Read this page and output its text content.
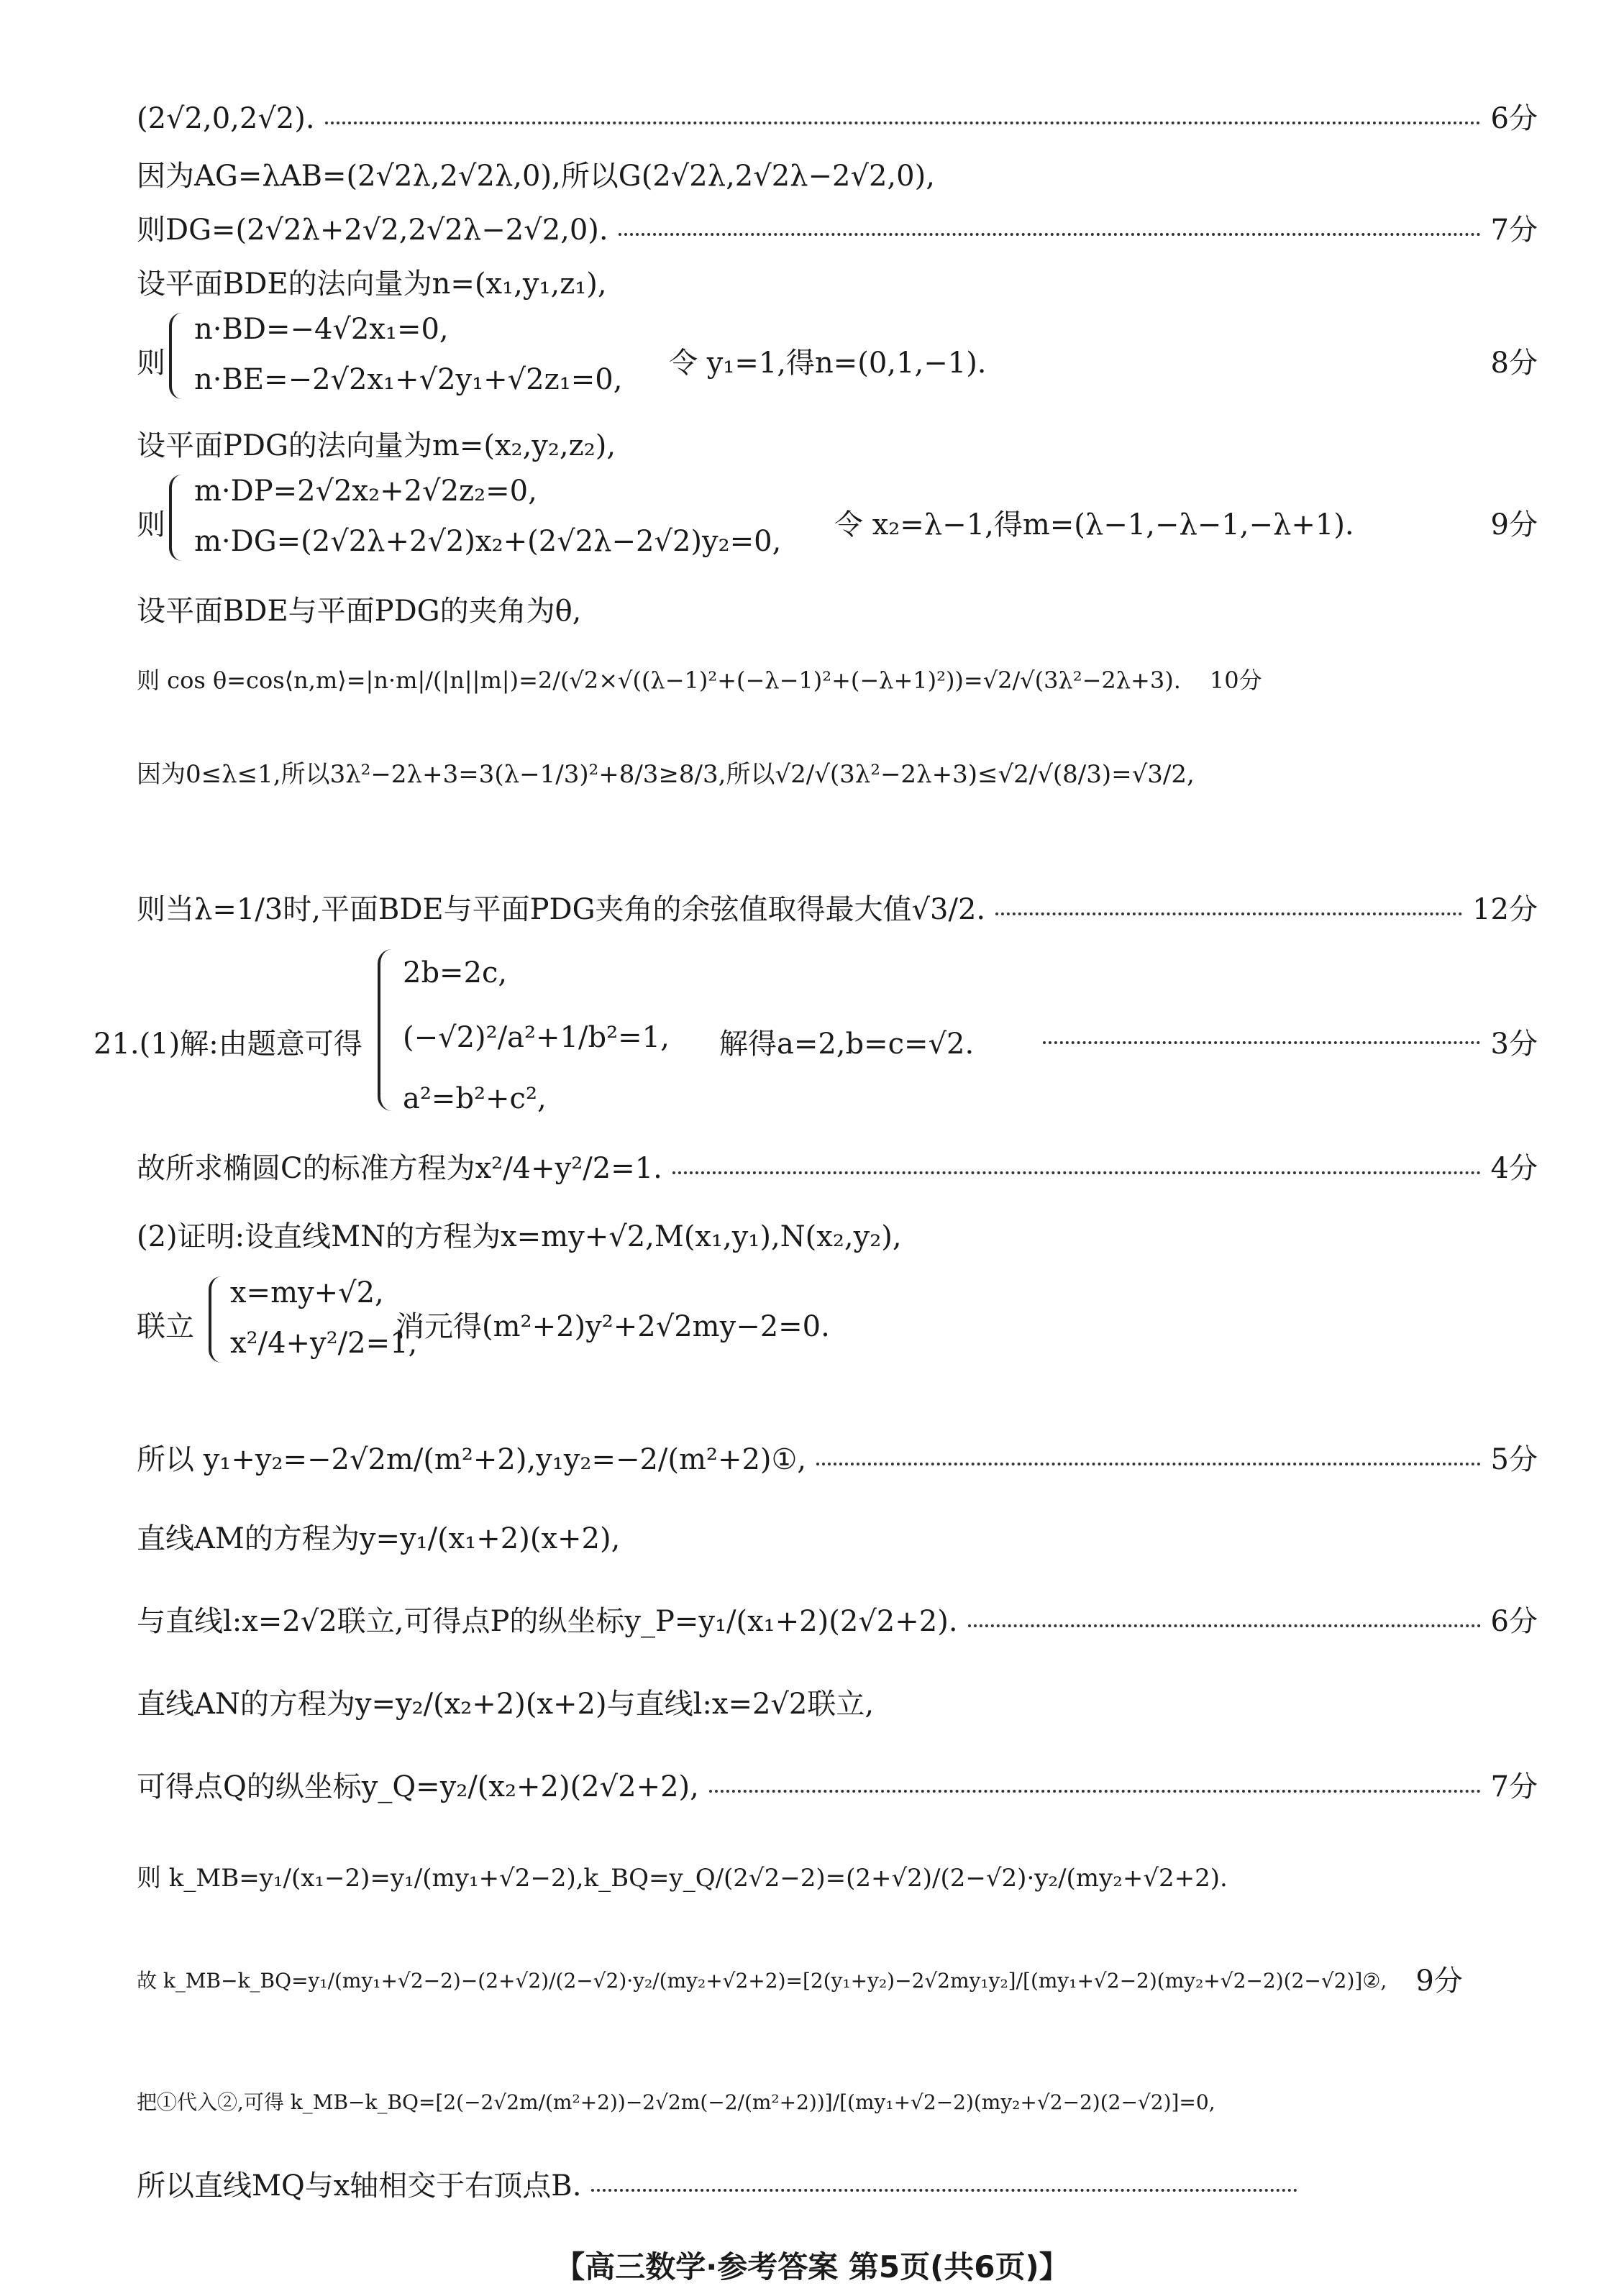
(2√2,0,2√2).	6分
因为AG=λAB=(2√2λ,2√2λ,0),所以G(2√2λ,2√2λ−2√2,0),
则DG=(2√2λ+2√2,2√2λ−2√2,0).	7分
设平面BDE的法向量为n=(x₁,y₁,z₁),
则
n·BD=−4√2x₁=0,
n·BE=−2√2x₁+√2y₁+√2z₁=0, 令 y₁=1,得n=(0,1,−1).	8分
设平面PDG的法向量为m=(x₂,y₂,z₂),
则
m·DP=2√2x₂+2√2z₂=0,
m·DG=(2√2λ+2√2)x₂+(2√2λ−2√2)y₂=0, 令 x₂=λ−1,得m=(λ−1,−λ−1,−λ+1).	9分
设平面BDE与平面PDG的夹角为θ,
则 cos θ=cos⟨n,m⟩=|n·m|/(|n||m|)=2/(√2×√((λ−1)²+(−λ−1)²+(−λ+1)²))=√2/√(3λ²−2λ+3). 10分
因为0≤λ≤1,所以3λ²−2λ+3=3(λ−1/3)²+8/3≥8/3,所以√2/√(3λ²−2λ+3)≤√2/√(8/3)=√3/2,
则当λ=1/3时,平面BDE与平面PDG夹角的余弦值取得最大值√3/2.	12分
21.(1)解:由题意可得
2b=2c,
(−√2)²/a²+1/b²=1,
a²=b²+c²,
解得a=2,b=c=√2.	3分
故所求椭圆C的标准方程为x²/4+y²/2=1.	4分
(2)证明:设直线MN的方程为x=my+√2,M(x₁,y₁),N(x₂,y₂),
联立
x=my+√2,
x²/4+y²/2=1,
消元得(m²+2)y²+2√2my−2=0.
所以 y₁+y₂=−2√2m/(m²+2),y₁y₂=−2/(m²+2)①,	5分
直线AM的方程为y=y₁/(x₁+2)(x+2),
与直线l:x=2√2联立,可得点P的纵坐标y_P=y₁/(x₁+2)(2√2+2).	6分
直线AN的方程为y=y₂/(x₂+2)(x+2)与直线l:x=2√2联立,
可得点Q的纵坐标y_Q=y₂/(x₂+2)(2√2+2),	7分
则 k_MB=y₁/(x₁−2)=y₁/(my₁+√2−2),k_BQ=y_Q/(2√2−2)=(2+√2)/(2−√2)·y₂/(my₂+√2+2).
故 k_MB−k_BQ=y₁/(my₁+√2−2)−(2+√2)/(2−√2)·y₂/(my₂+√2+2)=[2(y₁+y₂)−2√2my₁y₂]/[(my₁+√2−2)(my₂+√2−2)(2−√2)]②, 9分
把①代入②,可得 k_MB−k_BQ=[2(−2√2m/(m²+2))−2√2m(−2/(m²+2))]/[(my₁+√2−2)(my₂+√2−2)(2−√2)]=0,
所以直线MQ与x轴相交于右顶点B.
【高三数学·参考答案 第5页(共6页)】
